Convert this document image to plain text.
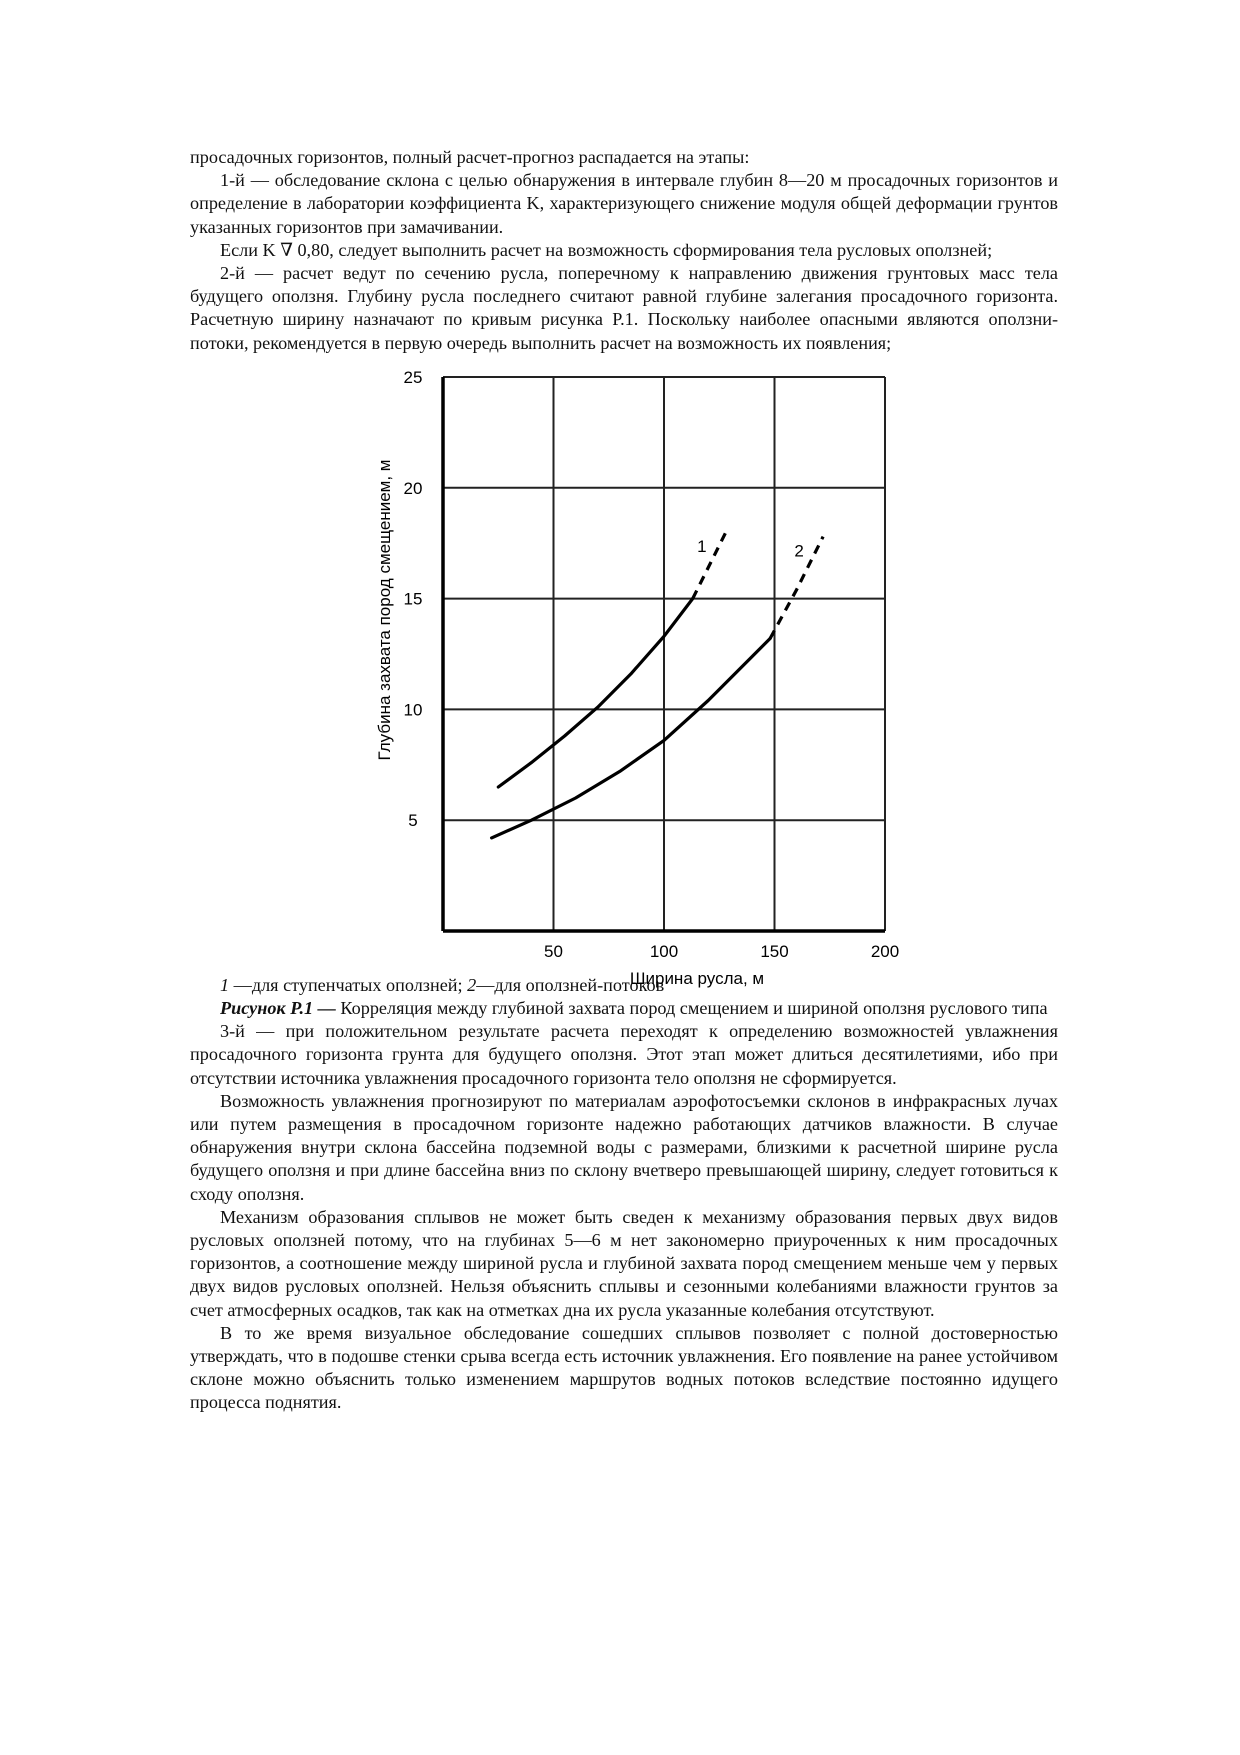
просадочных горизонтов, полный расчет-прогноз распадается на этапы:

1-й — обследование склона с целью обнаружения в интервале глубин 8—20 м просадочных горизонтов и определение в лаборатории коэффициента K, характеризующего снижение модуля общей деформации грунтов указанных горизонтов при замачивании.

Если K ∇ 0,80, следует выполнить расчет на возможность сформирования тела русловых оползней;

2-й — расчет ведут по сечению русла, поперечному к направлению движения грунтовых масс тела будущего оползня. Глубину русла последнего считают равной глубине залегания просадочного горизонта. Расчетную ширину назначают по кривым рисунка Р.1. Поскольку наиболее опасными являются оползни-потоки, рекомендуется в первую очередь выполнить расчет на возможность их появления;

50	100	150	200
5
10
15
20
25
Ширина русла, м
Глубина захвата пород смещением, м	1	2

1 —для ступенчатых оползней; 2—для оползней-потоков

Рисунок Р.1 — Корреляция между глубиной захвата пород смещением и шириной оползня руслового типа

3-й — при положительном результате расчета переходят к определению возможностей увлажнения просадочного горизонта грунта для будущего оползня. Этот этап может длиться десятилетиями, ибо при отсутствии источника увлажнения просадочного горизонта тело оползня не сформируется.

Возможность увлажнения прогнозируют по материалам аэрофотосъемки склонов в инфракрасных лучах или путем размещения в просадочном горизонте надежно работающих датчиков влажности. В случае обнаружения внутри склона бассейна подземной воды с размерами, близкими к расчетной ширине русла будущего оползня и при длине бассейна вниз по склону вчетверо превышающей ширину, следует готовиться к сходу оползня.

Механизм образования сплывов не может быть сведен к механизму образования первых двух видов русловых оползней потому, что на глубинах 5—6 м нет закономерно приуроченных к ним просадочных горизонтов, а соотношение между шириной русла и глубиной захвата пород смещением меньше чем у первых двух видов русловых оползней. Нельзя объяснить сплывы и сезонными колебаниями влажности грунтов за счет атмосферных осадков, так как на отметках дна их русла указанные колебания отсутствуют.

В то же время визуальное обследование сошедших сплывов позволяет с полной достоверностью утверждать, что в подошве стенки срыва всегда есть источник увлажнения. Его появление на ранее устойчивом склоне можно объяснить только изменением маршрутов водных потоков вследствие постоянно идущего процесса поднятия.
